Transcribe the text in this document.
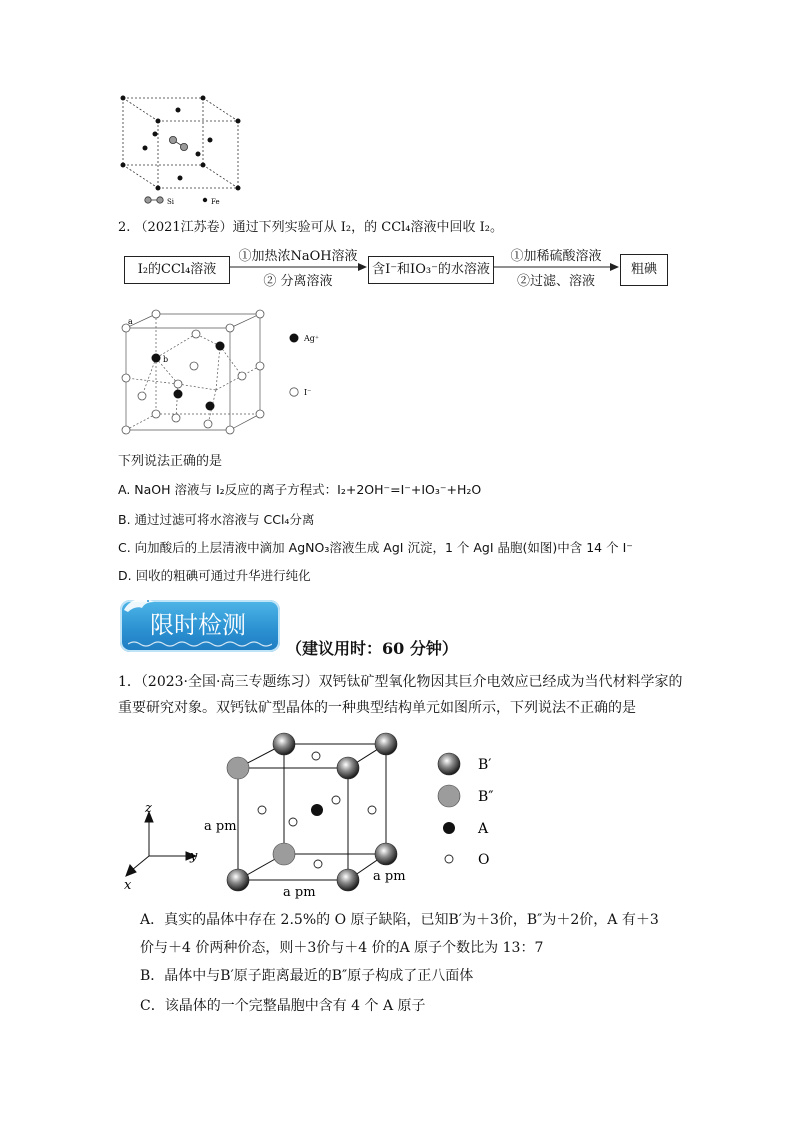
Si	Fe
2. （2021江苏卷）通过下列实验可从 I₂，的 CCl₄溶液中回收 I₂。
I₂的CCl₄溶液
①加热浓NaOH溶液
② 分离溶液
含I⁻和IO₃⁻的水溶液
①加稀硫酸溶液
②过滤、溶液
粗碘
a
b
Ag⁺
I⁻
下列说法正确的是
A. NaOH 溶液与 I₂反应的离子方程式：I₂+2OH⁻=I⁻+IO₃⁻+H₂O
B. 通过过滤可将水溶液与 CCl₄分离
C. 向加酸后的上层清液中滴加 AgNO₃溶液生成 AgI 沉淀，1 个 AgI 晶胞(如图)中含 14 个 I⁻
D. 回收的粗碘可通过升华进行纯化
限时检测
（建议用时：60 分钟）
1．（2023·全国·高三专题练习）双钙钛矿型氧化物因其巨介电效应已经成为当代材料学家的
重要研究对象。双钙钛矿型晶体的一种典型结构单元如图所示，下列说法不正确的是
z
y
x
a pm
a pm
a pm
B′
B″
A
O
A．真实的晶体中存在 2.5%的 O 原子缺陷，已知B′为＋3价，B″为＋2价，A 有＋3
价与＋4 价两种价态，则＋3价与＋4 价的A 原子个数比为 13：7
B．晶体中与B′原子距离最近的B″原子构成了正八面体
C．该晶体的一个完整晶胞中含有 4 个 A 原子
